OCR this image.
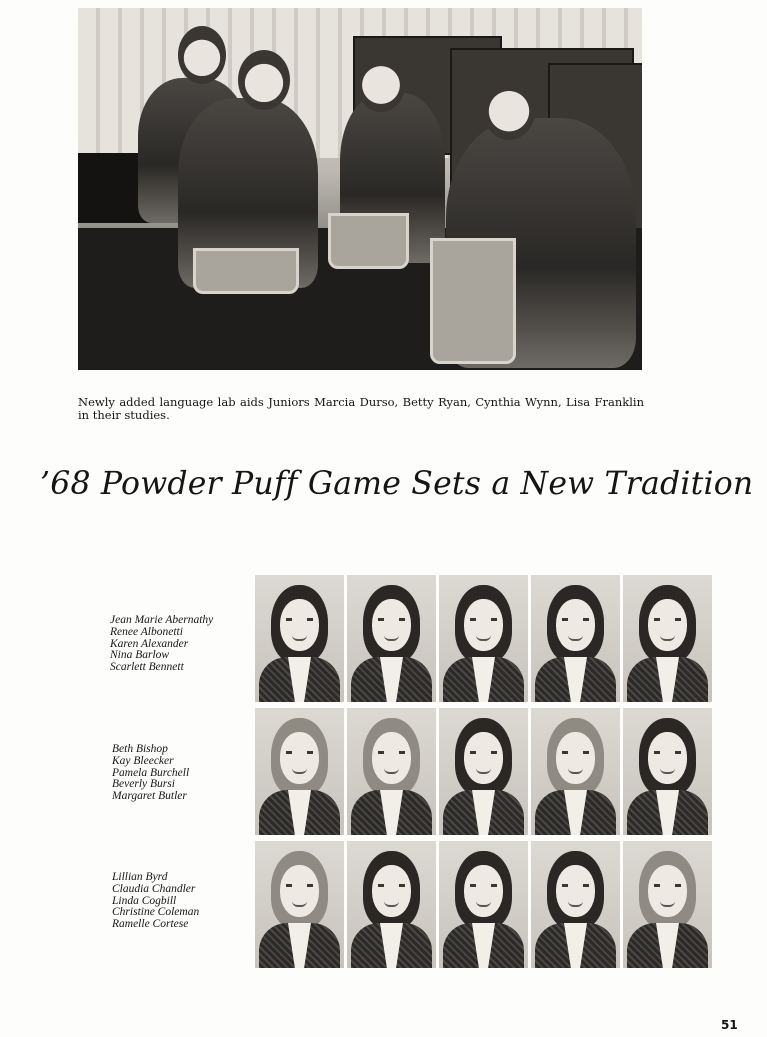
Newly added language lab aids Juniors Marcia Durso, Betty Ryan, Cynthia Wynn, Lisa Franklin in their studies.

’68 Powder Puff Game Sets a New Tradition
Jean Marie Abernathy
Renee Albonetti
Karen Alexander
Nina Barlow
Scarlett Bennett
Beth Bishop
Kay Bleecker
Pamela Burchell
Beverly Bursi
Margaret Butler
Lillian Byrd
Claudia Chandler
Linda Cogbill
Christine Coleman
Ramelle Cortese
51
